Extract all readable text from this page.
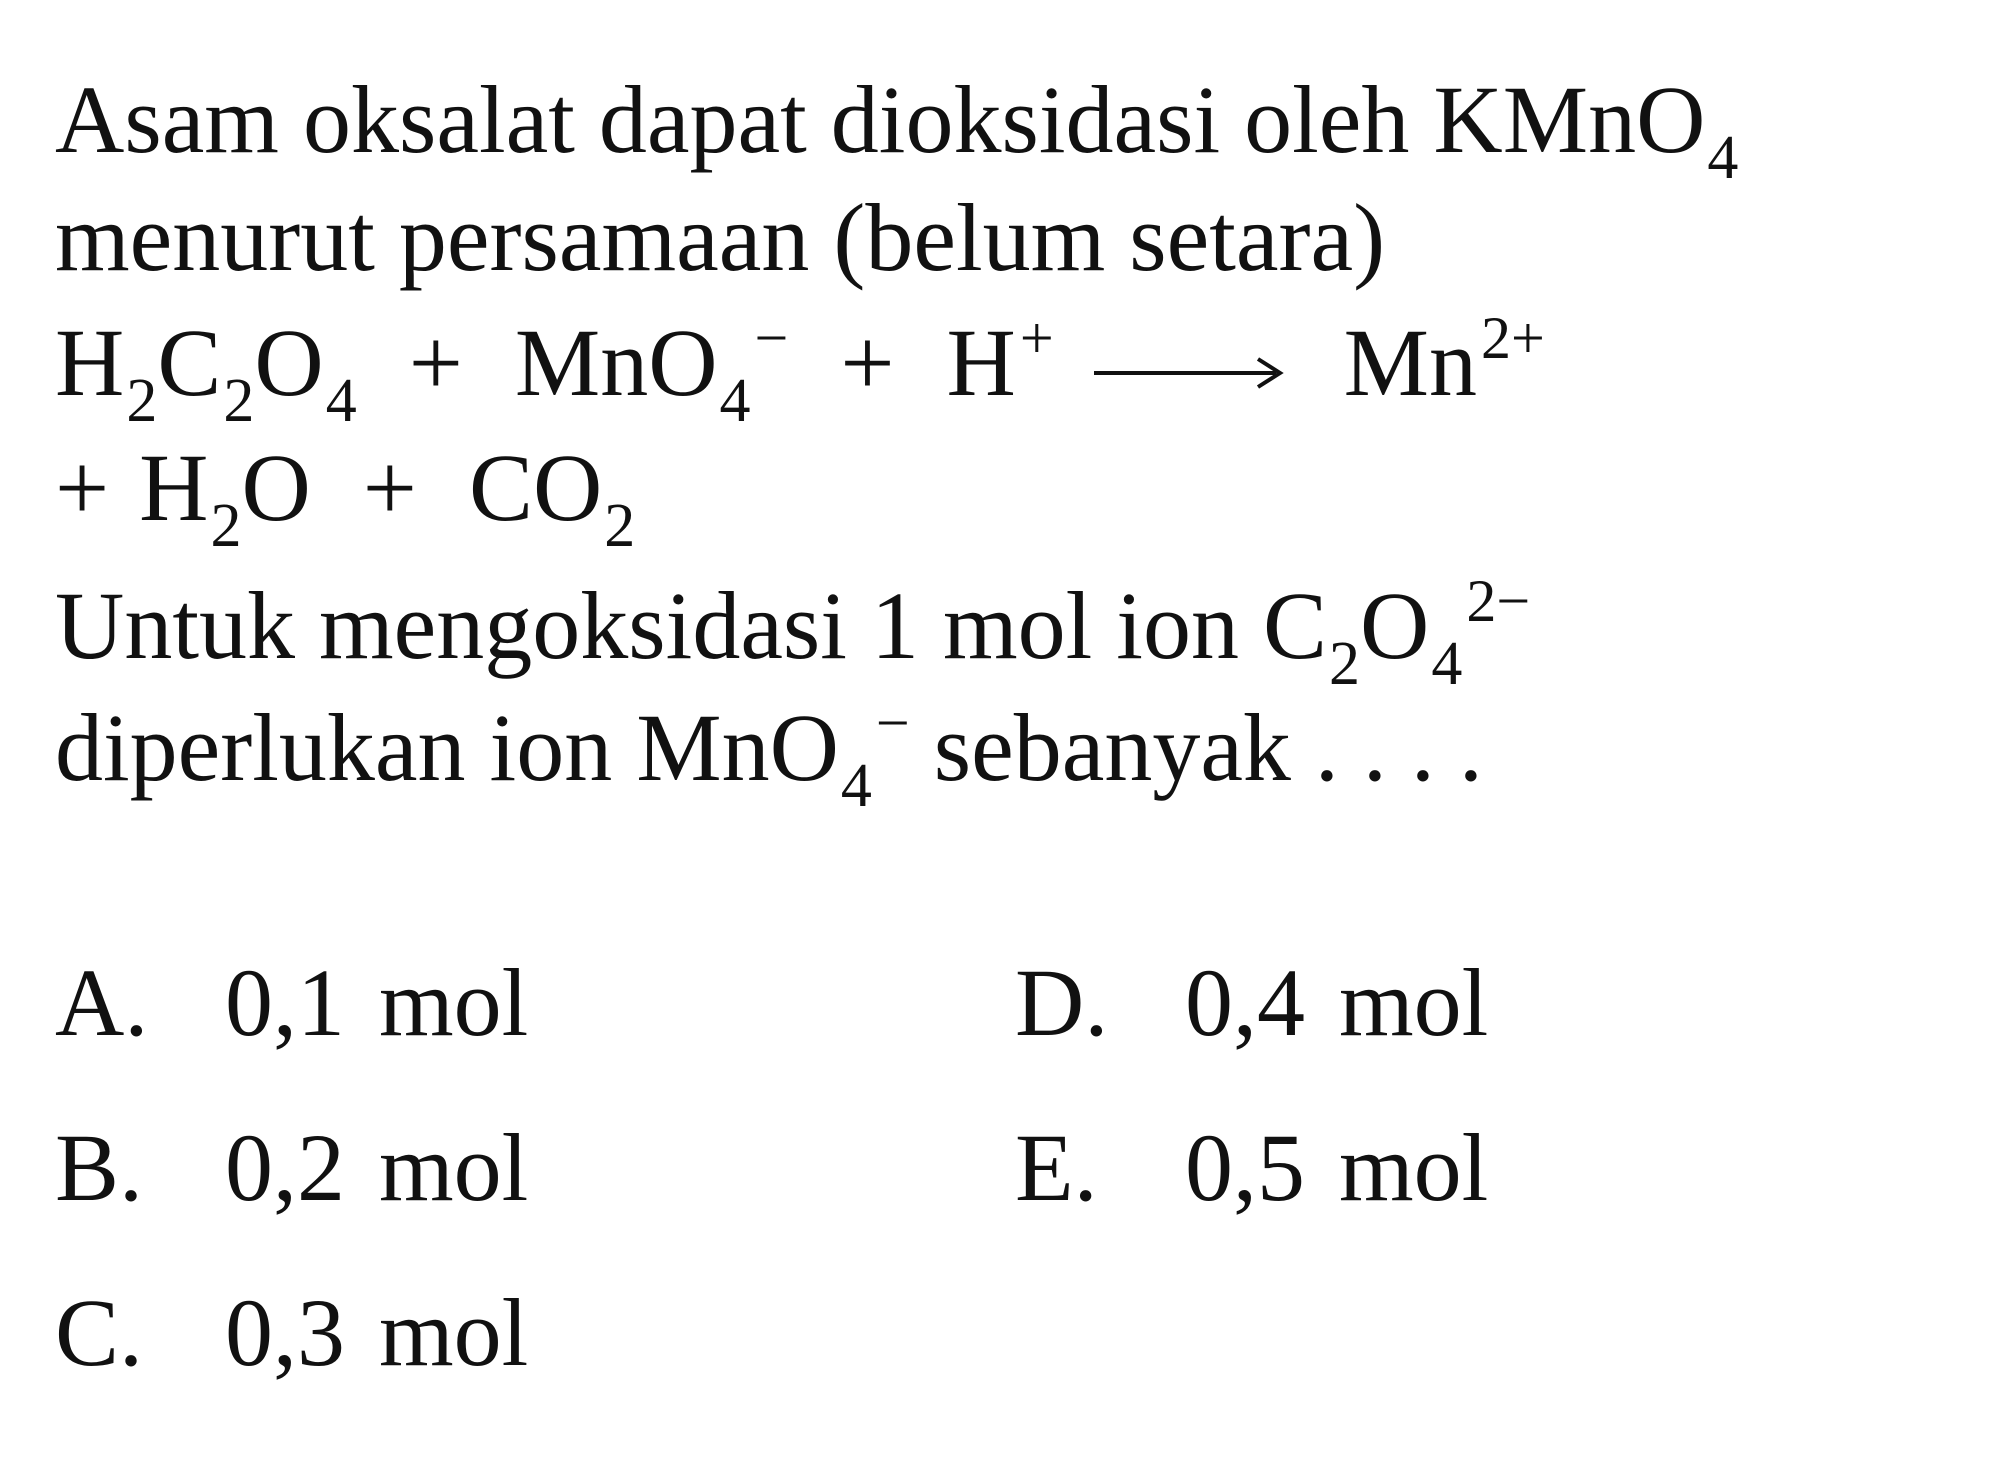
Asam oksalat dapat dioksidasi oleh KMnO$_4$
menurut persamaan (belum setara)
$H_2C_2O_4 + MnO_4^- + H^+ \to Mn^{2+}$
+ $H_2O + CO_2$
Untuk mengoksidasi 1 mol ion $C_2O_4^{2-}$
diperlukan ion MnO$_4$− sebanyak . . . .
A. 0,1 mol
B. 0,2 mol
C. 0,3 mol
D. 0,4 mol
E. 0,5 mol
